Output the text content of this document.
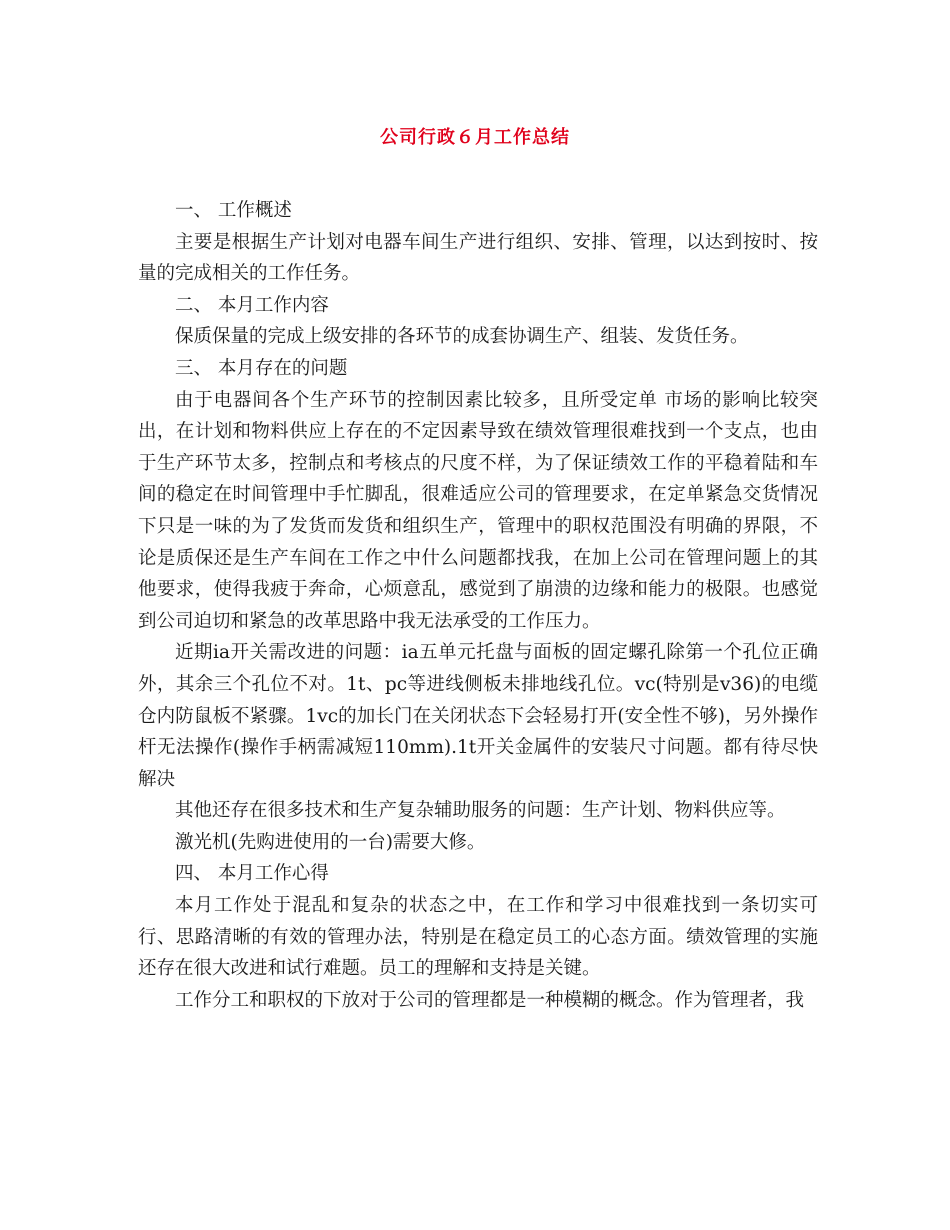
公司行政６月工作总结

一、 工作概述

主要是根据生产计划对电器车间生产进行组织、安排、管理，以达到按时、按量的完成相关的工作任务。

二、 本月工作内容

保质保量的完成上级安排的各环节的成套协调生产、组装、发货任务。

三、 本月存在的问题

由于电器间各个生产环节的控制因素比较多，且所受定单 市场的影响比较突出，在计划和物料供应上存在的不定因素导致在绩效管理很难找到一个支点，也由于生产环节太多，控制点和考核点的尺度不样，为了保证绩效工作的平稳着陆和车间的稳定在时间管理中手忙脚乱，很难适应公司的管理要求，在定单紧急交货情况下只是一味的为了发货而发货和组织生产，管理中的职权范围没有明确的界限，不论是质保还是生产车间在工作之中什么问题都找我，在加上公司在管理问题上的其他要求，使得我疲于奔命，心烦意乱，感觉到了崩溃的边缘和能力的极限。也感觉到公司迫切和紧急的改革思路中我无法承受的工作压力。

近期ia开关需改进的问题：ia五单元托盘与面板的固定螺孔除第一个孔位正确外，其余三个孔位不对。1t、pc等进线侧板未排地线孔位。vc(特别是v36)的电缆仓内防鼠板不紧骤。1vc的加长门在关闭状态下会轻易打开(安全性不够)，另外操作杆无法操作(操作手柄需减短110mm).1t开关金属件的安装尺寸问题。都有待尽快解决

其他还存在很多技术和生产复杂辅助服务的问题：生产计划、物料供应等。

激光机(先购进使用的一台)需要大修。

四、 本月工作心得

本月工作处于混乱和复杂的状态之中，在工作和学习中很难找到一条切实可行、思路清晰的有效的管理办法，特别是在稳定员工的心态方面。绩效管理的实施还存在很大改进和试行难题。员工的理解和支持是关键。

工作分工和职权的下放对于公司的管理都是一种模糊的概念。作为管理者，我
